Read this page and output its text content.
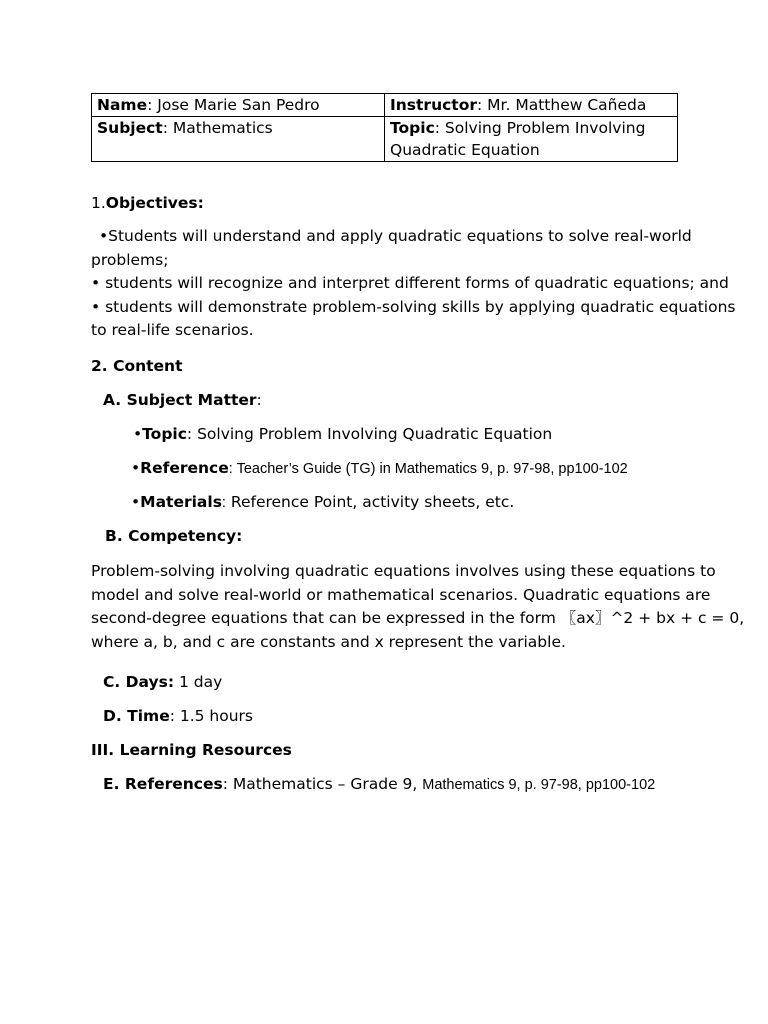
Name: Jose Marie San Pedro	Instructor: Mr. Matthew Cañeda
Subject: Mathematics	Topic: Solving Problem Involving
Quadratic Equation
1.Objectives:
•Students will understand and apply quadratic equations to solve real-world
problems;
• students will recognize and interpret different forms of quadratic equations; and
• students will demonstrate problem-solving skills by applying quadratic equations
to real-life scenarios.
2. Content
A. Subject Matter:
•Topic: Solving Problem Involving Quadratic Equation
•Reference: Teacher’s Guide (TG) in Mathematics 9, p. 97-98, pp100-102
•Materials: Reference Point, activity sheets, etc.
B. Competency:
Problem-solving involving quadratic equations involves using these equations to
model and solve real-world or mathematical scenarios. Quadratic equations are
second-degree equations that can be expressed in the form 〖ax〗^2 + bx + c = 0,
where a, b, and c are constants and x represent the variable.
C. Days: 1 day
D. Time: 1.5 hours
III. Learning Resources
E. References: Mathematics – Grade 9, Mathematics 9, p. 97-98, pp100-102
